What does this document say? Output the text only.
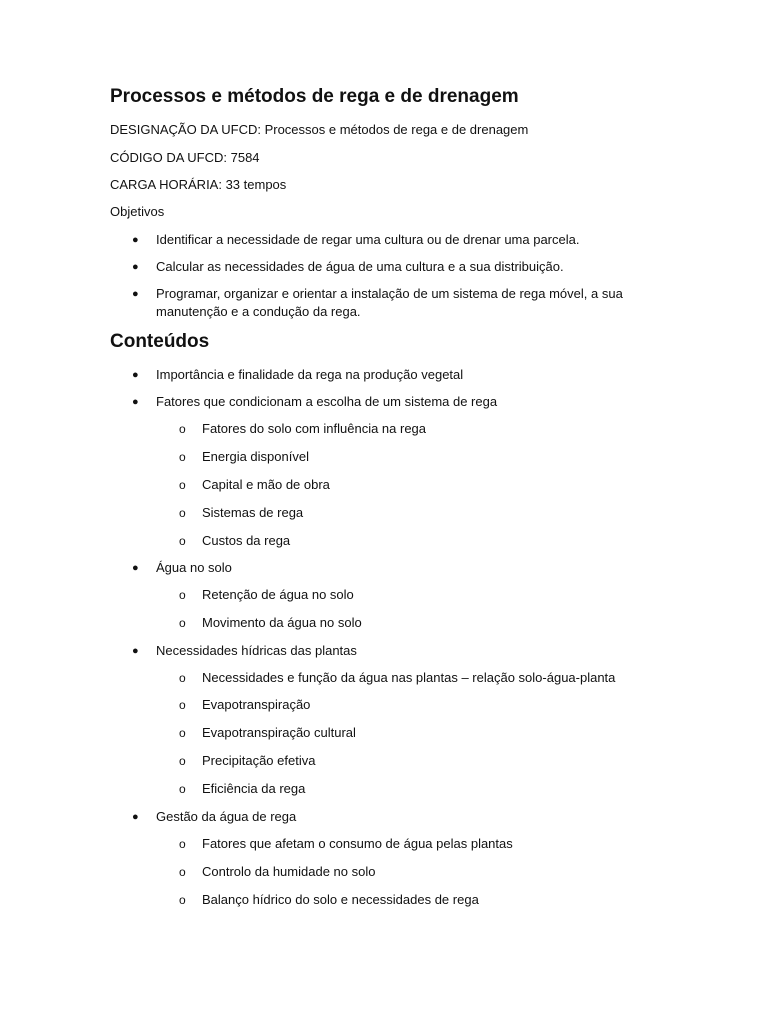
Processos e métodos de rega e de drenagem
DESIGNAÇÃO DA UFCD: Processos e métodos de rega e de drenagem
CÓDIGO DA UFCD: 7584
CARGA HORÁRIA: 33 tempos
Objetivos
● Identificar a necessidade de regar uma cultura ou de drenar uma parcela.
● Calcular as necessidades de água de uma cultura e a sua distribuição.
● Programar, organizar e orientar a instalação de um sistema de rega móvel, a sua manutenção e a condução da rega.
Conteúdos
● Importância e finalidade da rega na produção vegetal
● Fatores que condicionam a escolha de um sistema de rega
o Fatores do solo com influência na rega
o Energia disponível
o Capital e mão de obra
o Sistemas de rega
o Custos da rega
● Água no solo
o Retenção de água no solo
o Movimento da água no solo
● Necessidades hídricas das plantas
o Necessidades e função da água nas plantas – relação solo-água-planta
o Evapotranspiração
o Evapotranspiração cultural
o Precipitação efetiva
o Eficiência da rega
● Gestão da água de rega
o Fatores que afetam o consumo de água pelas plantas
o Controlo da humidade no solo
o Balanço hídrico do solo e necessidades de rega
